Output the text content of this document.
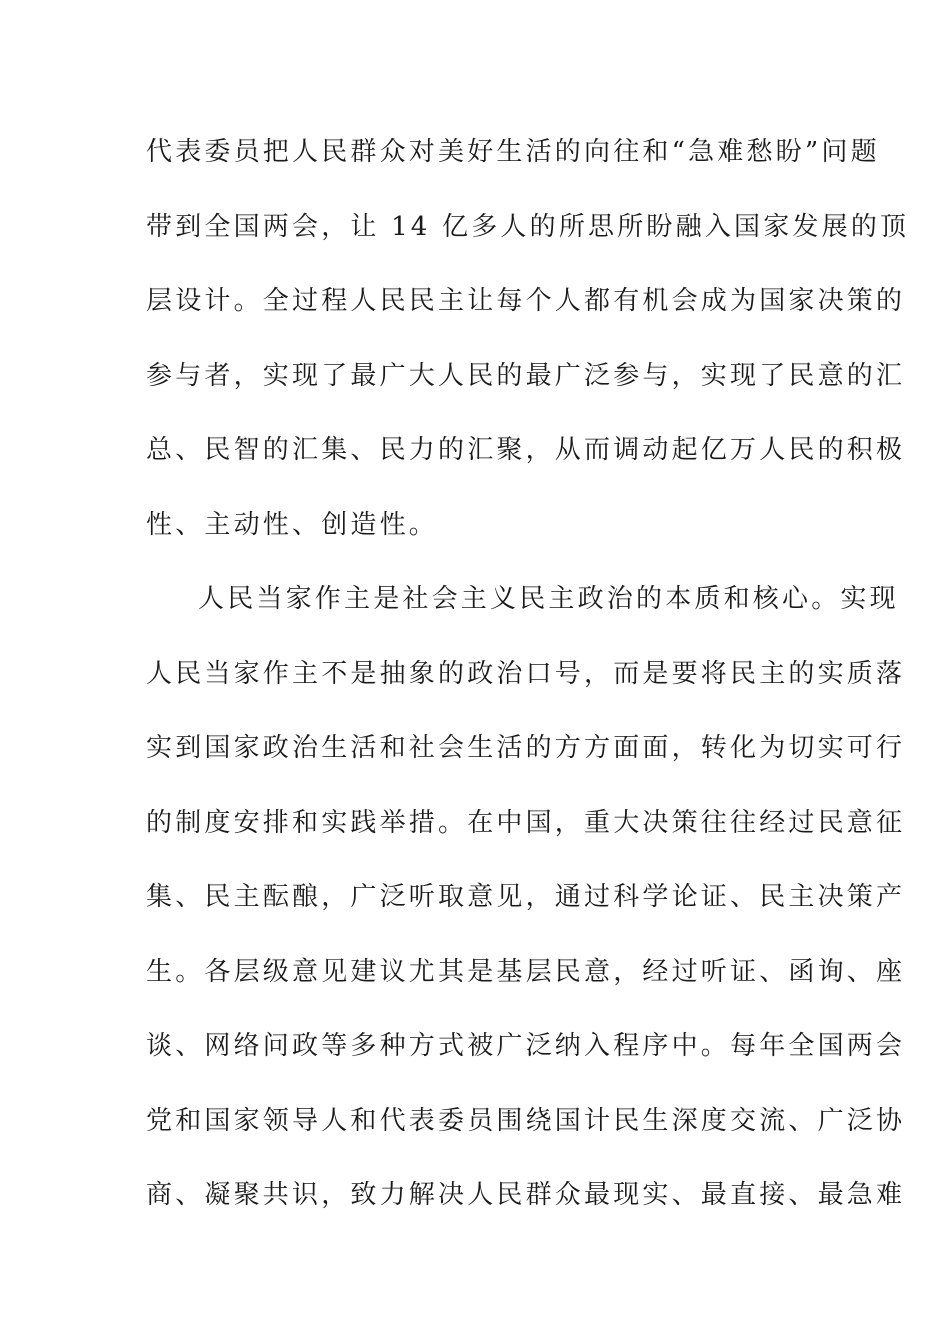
代表委员把人民群众对美好生活的向往和“急难愁盼”问题
带到全国两会，让 14 亿多人的所思所盼融入国家发展的顶
层设计。全过程人民民主让每个人都有机会成为国家决策的
参与者，实现了最广大人民的最广泛参与，实现了民意的汇
总、民智的汇集、民力的汇聚，从而调动起亿万人民的积极
性、主动性、创造性。
人民当家作主是社会主义民主政治的本质和核心。实现
人民当家作主不是抽象的政治口号，而是要将民主的实质落
实到国家政治生活和社会生活的方方面面，转化为切实可行
的制度安排和实践举措。在中国，重大决策往往经过民意征
集、民主酝酿，广泛听取意见，通过科学论证、民主决策产
生。各层级意见建议尤其是基层民意，经过听证、函询、座
谈、网络问政等多种方式被广泛纳入程序中。每年全国两会
党和国家领导人和代表委员围绕国计民生深度交流、广泛协
商、凝聚共识，致力解决人民群众最现实、最直接、最急难
